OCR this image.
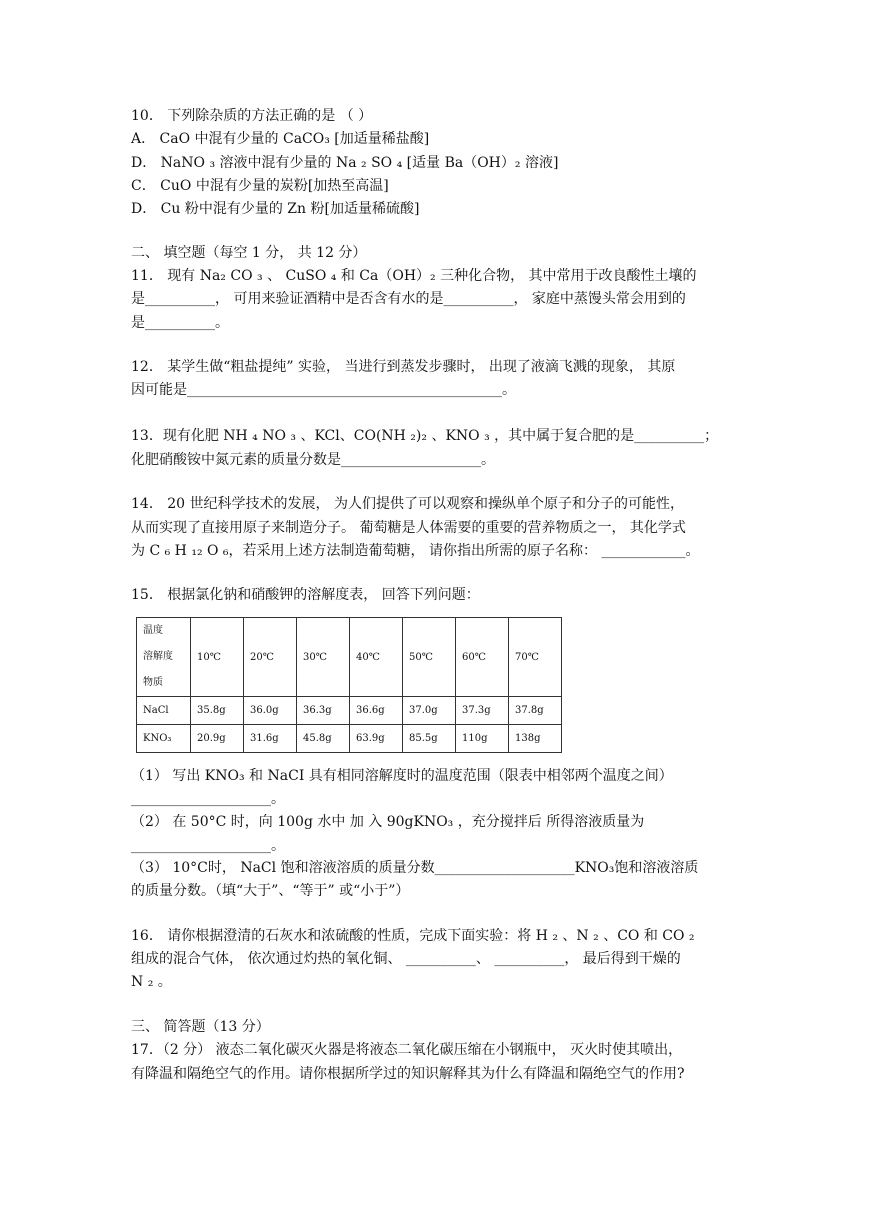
10． 下列除杂质的方法正确的是 （ ）
A． CaO 中混有少量的 CaCO₃ [加适量稀盐酸]
D． NaNO ₃ 溶液中混有少量的 Na ₂ SO ₄ [适量 Ba（OH）₂ 溶液]
C． CuO 中混有少量的炭粉[加热至高温]
D． Cu 粉中混有少量的 Zn 粉[加适量稀硫酸]
二、 填空题（每空 1 分， 共 12 分）
11． 现有 Na₂ CO ₃ 、 CuSO ₄ 和 Ca（OH）₂ 三种化合物， 其中常用于改良酸性土壤的
是__________， 可用来验证酒精中是否含有水的是__________， 家庭中蒸馒头常会用到的
是__________。
12． 某学生做“粗盐提纯” 实验， 当进行到蒸发步骤时， 出现了液滴飞溅的现象， 其原
因可能是_____________________________________________。
13．现有化肥 NH ₄ NO ₃ 、KCl、CO(NH ₂)₂ 、KNO ₃ ，其中属于复合肥的是__________；
化肥硝酸铵中氮元素的质量分数是____________________。
14． 20 世纪科学技术的发展， 为人们提供了可以观察和操纵单个原子和分子的可能性，
从而实现了直接用原子来制造分子。 葡萄糖是人体需要的重要的营养物质之一， 其化学式
为 C ₆ H ₁₂ O ₆，若采用上述方法制造葡萄糖， 请你指出所需的原子名称： ____________。
15． 根据氯化钠和硝酸钾的溶解度表， 回答下列问题：
温度
溶解度
物质	10℃	20℃	30℃	40℃	50℃	60℃	70℃
NaCl	35.8g	36.0g	36.3g	36.6g	37.0g	37.3g	37.8g
KNO₃	20.9g	31.6g	45.8g	63.9g	85.5g	110g	138g
（1） 写出 KNO₃ 和 NaCI 具有相同溶解度时的温度范围（限表中相邻两个温度之间）
____________________。
（2） 在 50°C 时，向 100g 水中 加 入 90gKNO₃ ，充分搅拌后 所得溶液质量为
____________________。
（3） 10°C时， NaCl 饱和溶液溶质的质量分数____________________KNO₃饱和溶液溶质
的质量分数。（填“大于”、“等于” 或“小于”）
16． 请你根据澄清的石灰水和浓硫酸的性质，完成下面实验：将 H ₂ 、N ₂ 、CO 和 CO ₂
组成的混合气体， 依次通过灼热的氧化铜、 __________、 __________， 最后得到干燥的
N ₂ 。
三、 简答题（13 分）
17．（2 分） 液态二氧化碳灭火器是将液态二氧化碳压缩在小钢瓶中， 灭火时使其喷出，
有降温和隔绝空气的作用。请你根据所学过的知识解释其为什么有降温和隔绝空气的作用?
